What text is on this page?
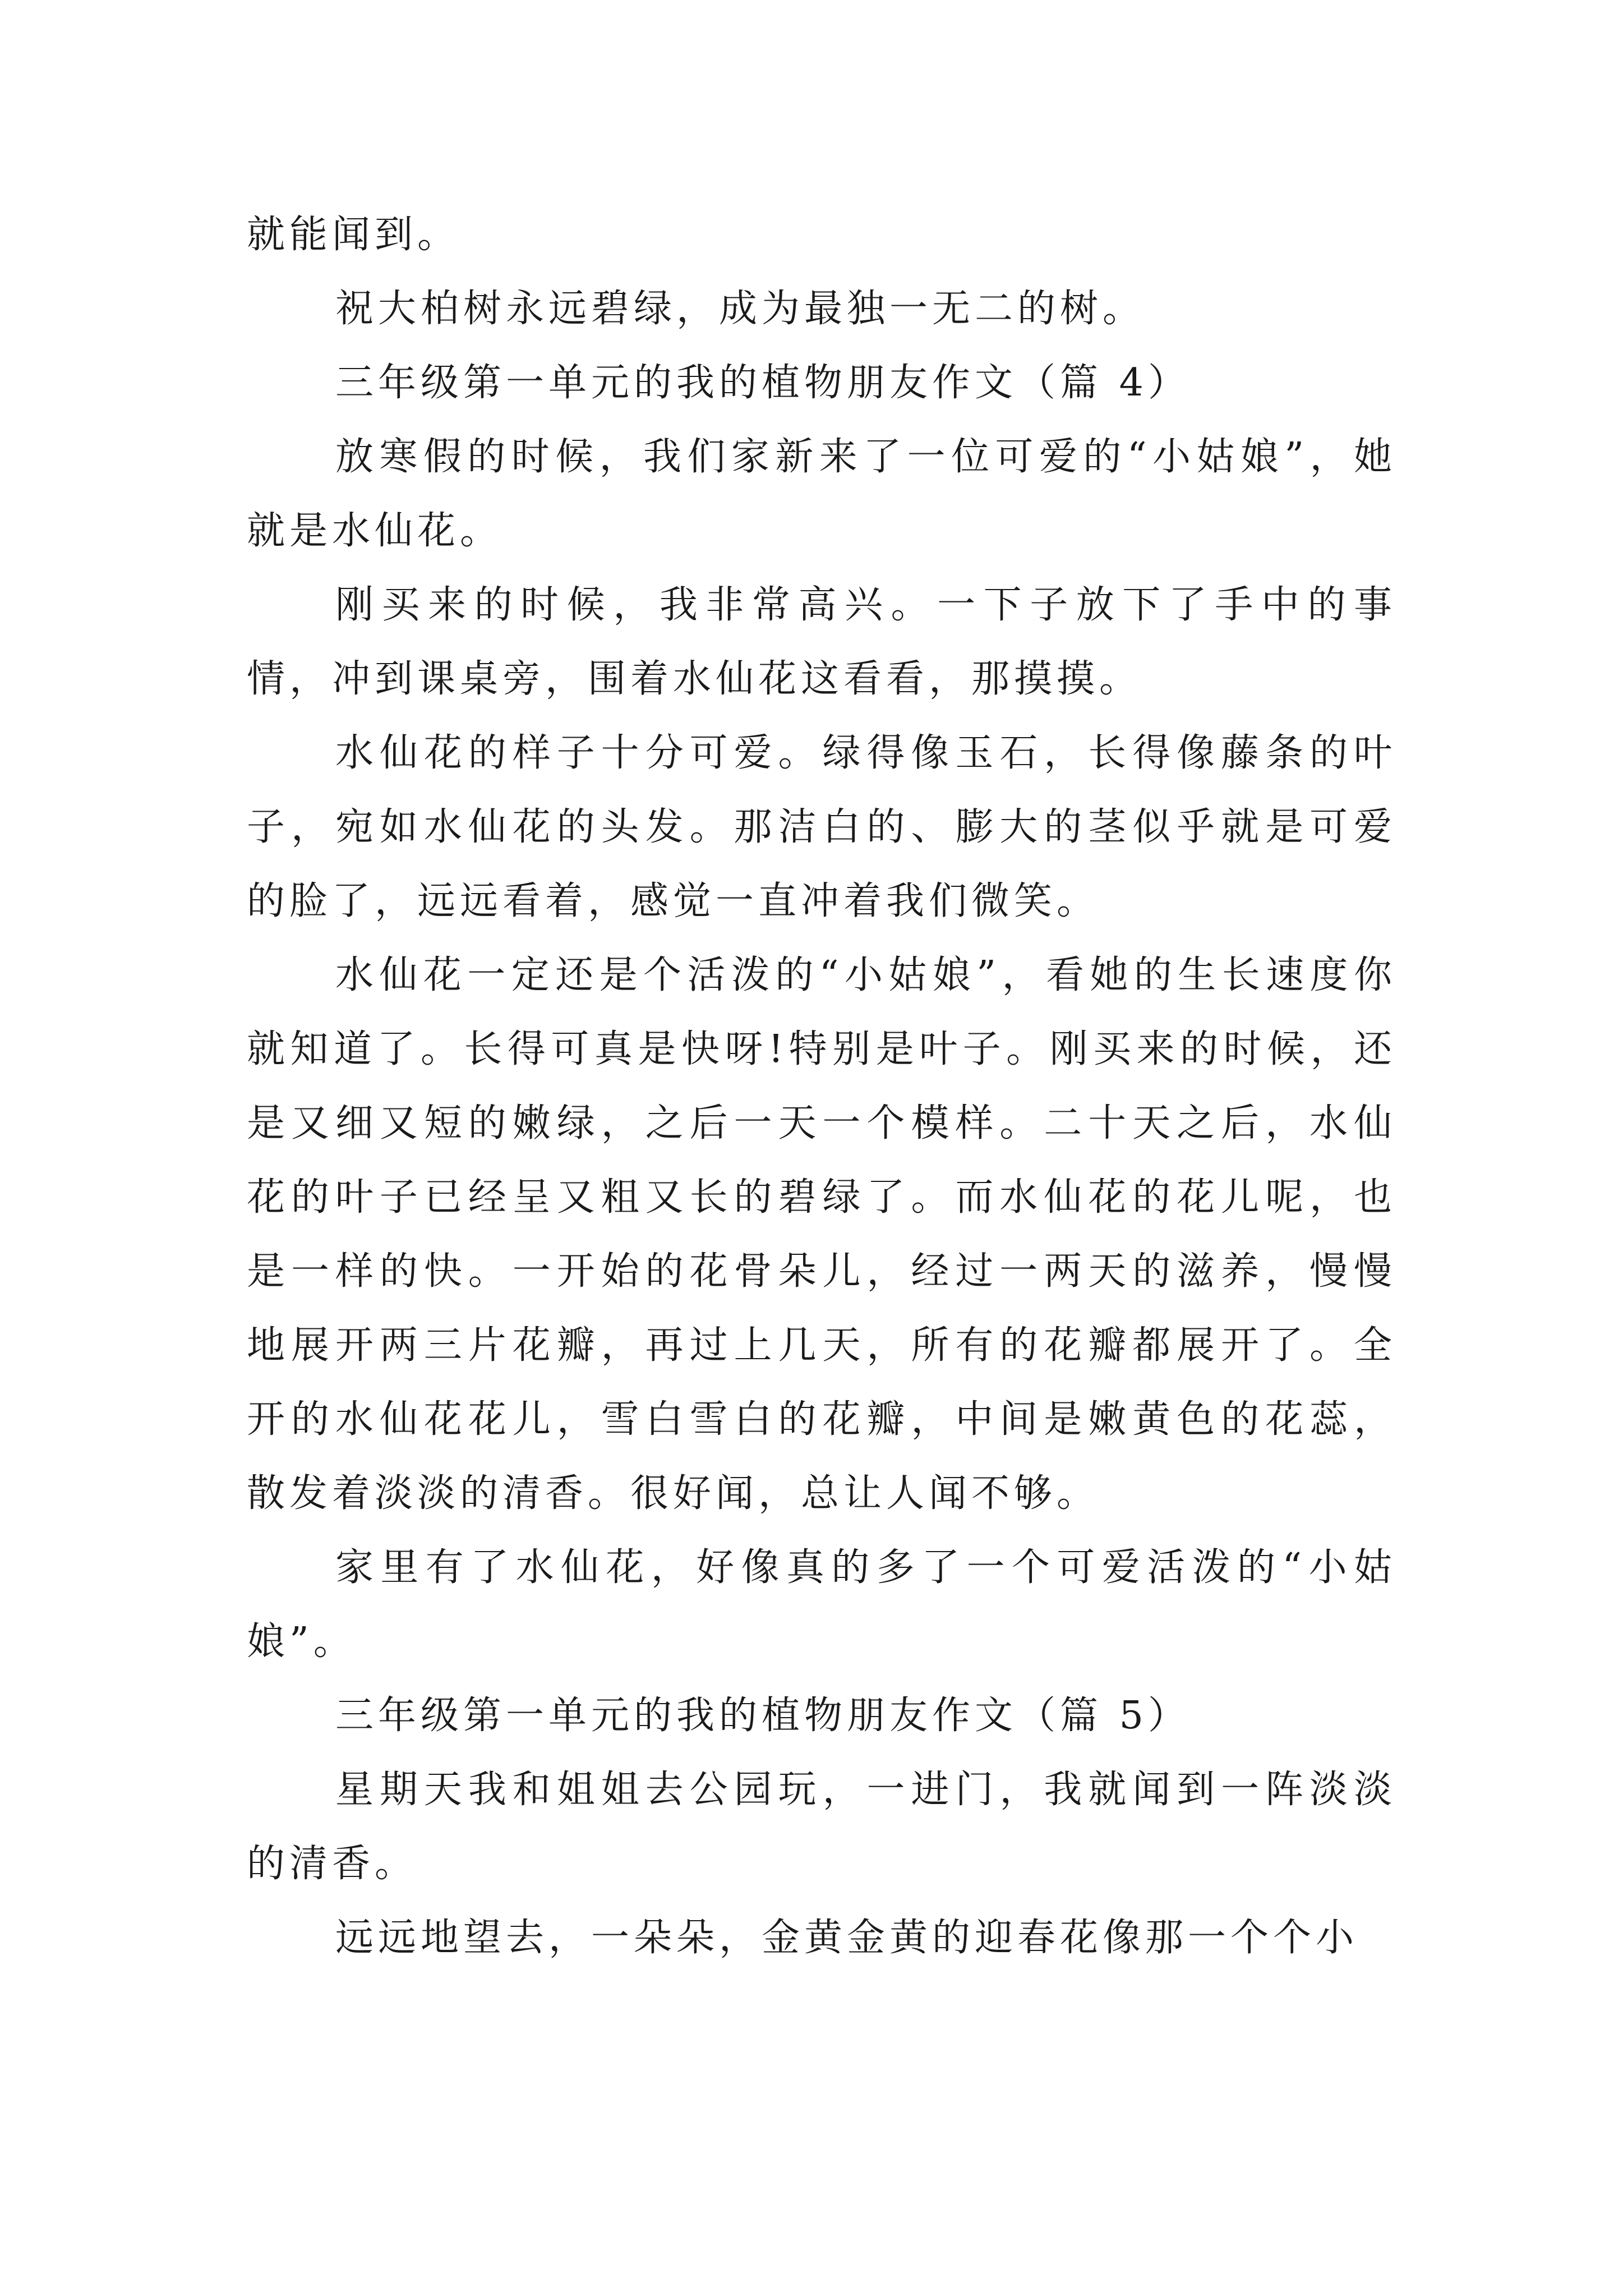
就能闻到。

祝大柏树永远碧绿，成为最独一无二的树。

三年级第一单元的我的植物朋友作文（篇 4）

放寒假的时候，我们家新来了一位可爱的“小姑娘”，她就是水仙花。

刚买来的时候，我非常高兴。一下子放下了手中的事情，冲到课桌旁，围着水仙花这看看，那摸摸。

水仙花的样子十分可爱。绿得像玉石，长得像藤条的叶子，宛如水仙花的头发。那洁白的、膨大的茎似乎就是可爱的脸了，远远看着，感觉一直冲着我们微笑。

水仙花一定还是个活泼的“小姑娘”，看她的生长速度你就知道了。长得可真是快呀!特别是叶子。刚买来的时候，还是又细又短的嫩绿，之后一天一个模样。二十天之后，水仙花的叶子已经呈又粗又长的碧绿了。而水仙花的花儿呢，也是一样的快。一开始的花骨朵儿，经过一两天的滋养，慢慢地展开两三片花瓣，再过上几天，所有的花瓣都展开了。全开的水仙花花儿，雪白雪白的花瓣，中间是嫩黄色的花蕊，散发着淡淡的清香。很好闻，总让人闻不够。

家里有了水仙花，好像真的多了一个可爱活泼的“小姑娘”。

三年级第一单元的我的植物朋友作文（篇 5）

星期天我和姐姐去公园玩，一进门，我就闻到一阵淡淡的清香。

远远地望去，一朵朵，金黄金黄的迎春花像那一个个小
